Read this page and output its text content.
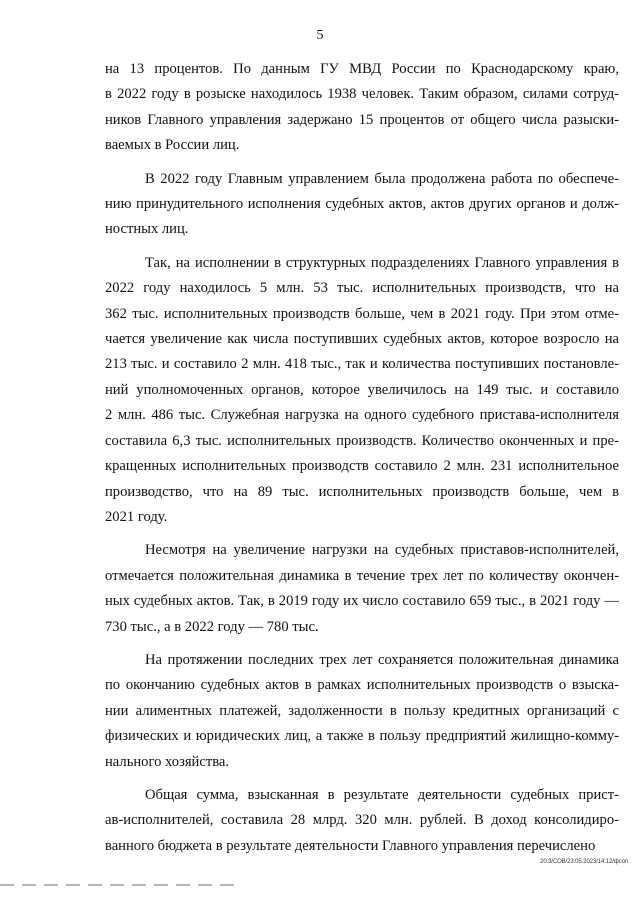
5
на 13 процентов. По данным ГУ МВД России по Краснодарскому краю,
в 2022 году в розыске находилось 1938 человек. Таким образом, силами сотруд-
ников Главного управления задержано 15 процентов от общего числа разыски-
ваемых в России лиц.
В 2022 году Главным управлением была продолжена работа по обеспече-
нию принудительного исполнения судебных актов, актов других органов и долж-
ностных лиц.
Так, на исполнении в структурных подразделениях Главного управления в
2022 году находилось 5 млн. 53 тыс. исполнительных производств, что на
362 тыс. исполнительных производств больше, чем в 2021 году. При этом отме-
чается увеличение как числа поступивших судебных актов, которое возросло на
213 тыс. и составило 2 млн. 418 тыс., так и количества поступивших постановле-
ний уполномоченных органов, которое увеличилось на 149 тыс. и составило
2 млн. 486 тыс. Служебная нагрузка на одного судебного пристава-исполнителя
составила 6,3 тыс. исполнительных производств. Количество оконченных и пре-
кращенных исполнительных производств составило 2 млн. 231 исполнительное
производство, что на 89 тыс. исполнительных производств больше, чем в
2021 году.
Несмотря на увеличение нагрузки на судебных приставов-исполнителей,
отмечается положительная динамика в течение трех лет по количеству окончен-
ных судебных актов. Так, в 2019 году их число составило 659 тыс., в 2021 году —
730 тыс., а в 2022 году — 780 тыс.
На протяжении последних трех лет сохраняется положительная динамика
по окончанию судебных актов в рамках исполнительных производств о взыска-
нии алиментных платежей, задолженности в пользу кредитных организаций с
физических и юридических лиц, а также в пользу предприятий жилищно-комму-
нального хозяйства.
Общая сумма, взысканная в результате деятельности судебных прист-
ав-исполнителей, составила 28 млрд. 320 млн. рублей. В доход консолидиро-
ванного бюджета в результате деятельности Главного управления перечислено
20.3/СОВ/23.05.2023/14:12/фсоп
